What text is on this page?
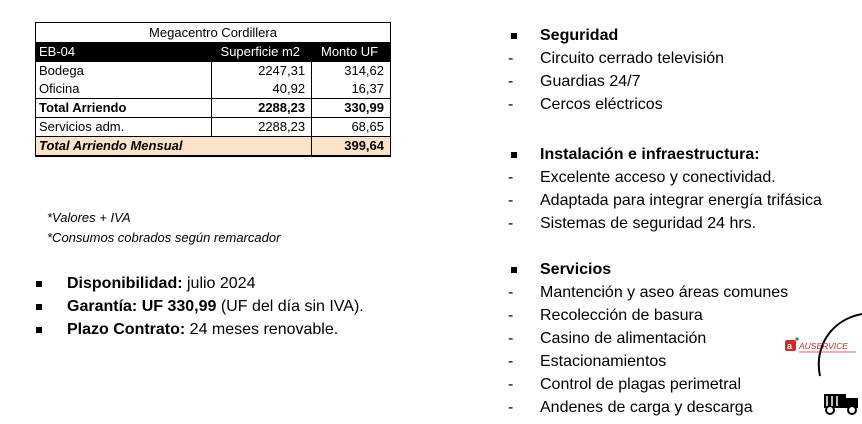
Megacentro Cordillera		
EB-04	Superficie m2	Monto UF
Bodega	2247,31	314,62
Oficina	40,92	16,37
Total Arriendo	2288,23	330,99
Servicios adm.	2288,23	68,65
Total Arriendo Mensual		399,64
*Valores + IVA
*Consumos cobrados según remarcador
Disponibilidad: julio 2024
Garantía: UF 330,99 (UF del día sin IVA).
Plazo Contrato: 24 meses renovable.
Seguridad
-	Circuito cerrado televisión
-	Guardias 24/7
-	Cercos eléctricos
Instalación e infraestructura:
-	Excelente acceso y conectividad.
-	Adaptada para integrar energía trifásica
-	Sistemas de seguridad 24 hrs.
Servicios
-	Mantención y aseo áreas comunes
-	Recolección de basura
-	Casino de alimentación
-	Estacionamientos
-	Control de plagas perimetral
-	Andenes de carga y descarga
a AUSERVICE
